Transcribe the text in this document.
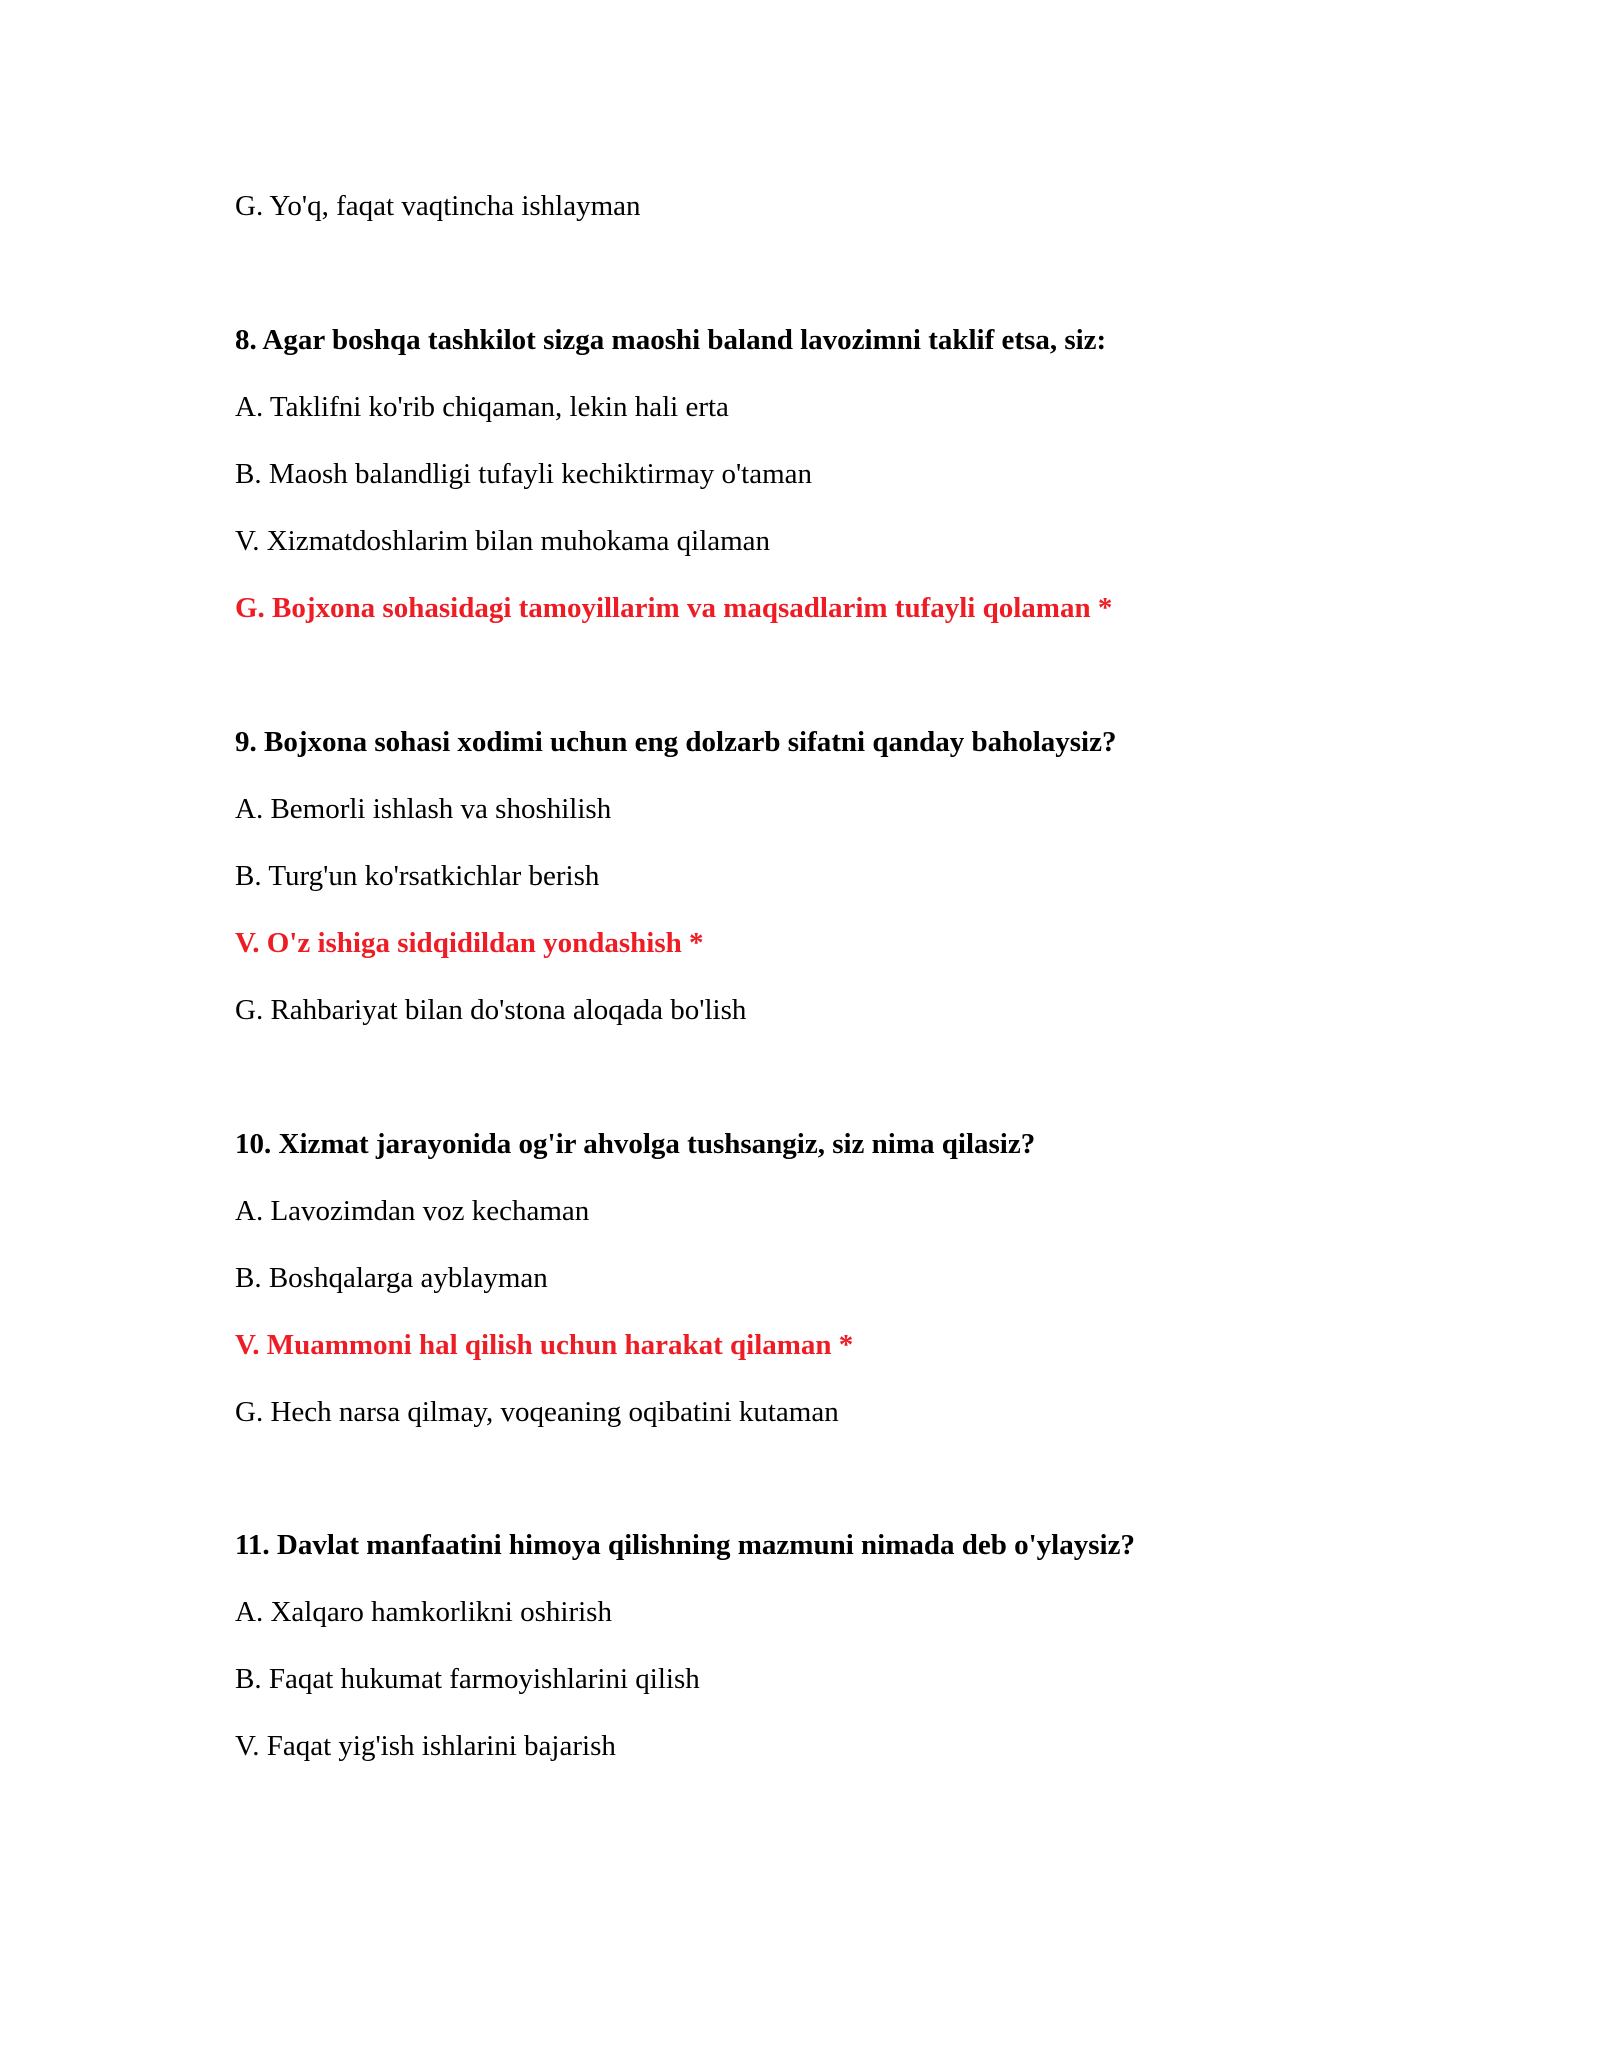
G. Yo'q, faqat vaqtincha ishlayman

8. Agar boshqa tashkilot sizga maoshi baland lavozimni taklif etsa, siz:

A. Taklifni ko'rib chiqaman, lekin hali erta

B. Maosh balandligi tufayli kechiktirmay o'taman

V. Xizmatdoshlarim bilan muhokama qilaman

G. Bojxona sohasidagi tamoyillarim va maqsadlarim tufayli qolaman *

9. Bojxona sohasi xodimi uchun eng dolzarb sifatni qanday baholaysiz?

A. Bemorli ishlash va shoshilish

B. Turg'un ko'rsatkichlar berish

V. O'z ishiga sidqidildan yondashish *

G. Rahbariyat bilan do'stona aloqada bo'lish

10. Xizmat jarayonida og'ir ahvolga tushsangiz, siz nima qilasiz?

A. Lavozimdan voz kechaman

B. Boshqalarga ayblayman

V. Muammoni hal qilish uchun harakat qilaman *

G. Hech narsa qilmay, voqeaning oqibatini kutaman

11. Davlat manfaatini himoya qilishning mazmuni nimada deb o'ylaysiz?

A. Xalqaro hamkorlikni oshirish

B. Faqat hukumat farmoyishlarini qilish

V. Faqat yig'ish ishlarini bajarish
